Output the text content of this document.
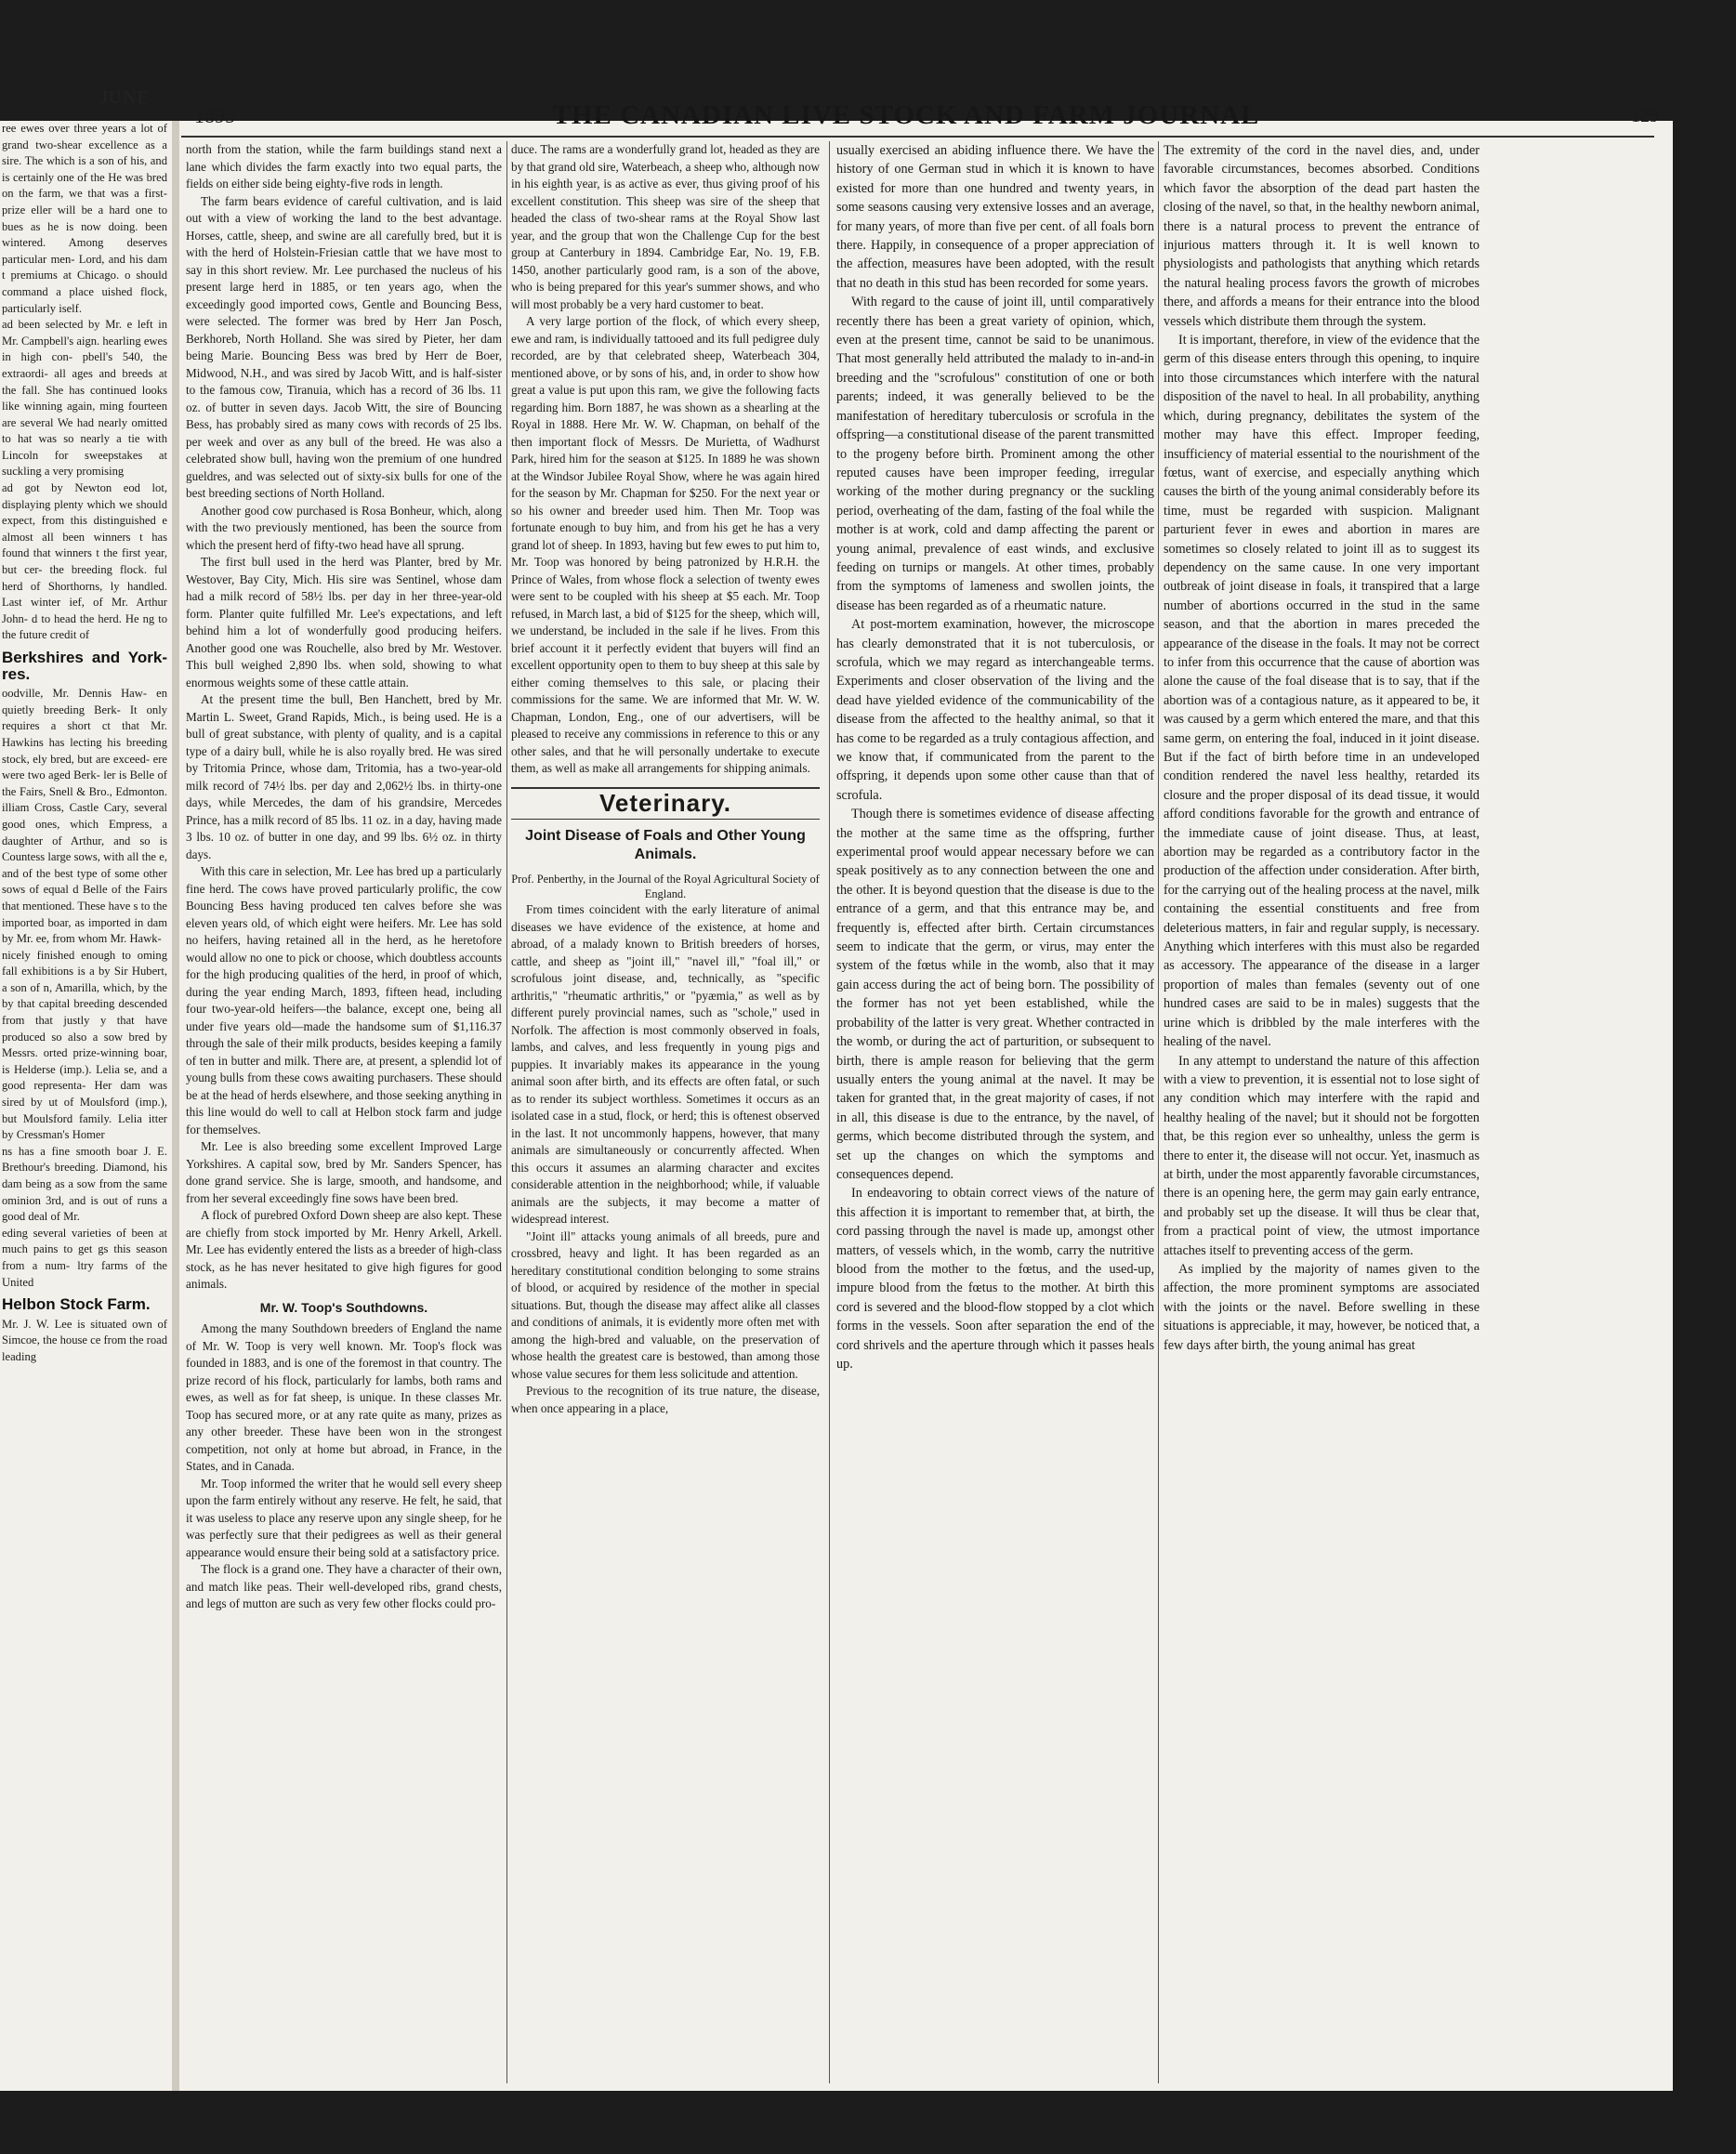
JUNE

ree ewes over three years a lot of grand two-shear excellence as a sire. The which is a son of his, and is certainly one of the He was bred on the farm, we that was a first-prize eller will be a hard one to bues as he is now doing. been wintered. Among deserves particular men- Lord, and his dam t premiums at Chicago. o should command a place uished flock, particularly iself.

ad been selected by Mr. e left in Mr. Campbell's aign. hearling ewes in high con- pbell's 540, the extraordi- all ages and breeds at the fall. She has continued looks like winning again, ming fourteen are several We had nearly omitted to hat was so nearly a tie with Lincoln for sweepstakes at suckling a very promising

ad got by Newton eod lot, displaying plenty which we should expect, from this distinguished e almost all been winners t has found that winners t the first year, but cer- the breeding flock. ful herd of Shorthorns, ly handled. Last winter ief, of Mr. Arthur John- d to head the herd. He ng to the future credit of

Berkshires and York- res.

oodville, Mr. Dennis Haw- en quietly breeding Berk- It only requires a short ct that Mr. Hawkins has lecting his breeding stock, ely bred, but are exceed- ere were two aged Berk- ler is Belle of the Fairs, Snell & Bro., Edmonton. illiam Cross, Castle Cary, several good ones, which Empress, a daughter of Arthur, and so is Countess large sows, with all the e, and of the best type of some other sows of equal d Belle of the Fairs that mentioned. These have s to the imported boar, as imported in dam by Mr. ee, from whom Mr. Hawk-

nicely finished enough to oming fall exhibitions is a by Sir Hubert, a son of n, Amarilla, which, by the by that capital breeding descended from that justly y that have produced so also a sow bred by Messrs. orted prize-winning boar, is Helderse (imp.). Lelia se, and a good representa- Her dam was sired by ut of Moulsford (imp.), but Moulsford family. Lelia itter by Cressman's Homer

ns has a fine smooth boar J. E. Brethour's breeding. Diamond, his dam being as a sow from the same ominion 3rd, and is out of runs a good deal of Mr.

eding several varieties of been at much pains to get gs this season from a num- ltry farms of the United

Helbon Stock Farm.

Mr. J. W. Lee is situated own of Simcoe, the house ce from the road leading

1895	THE CANADIAN LIVE STOCK AND FARM JOURNAL	129

north from the station, while the farm buildings stand next a lane which divides the farm exactly into two equal parts, the fields on either side being eighty-five rods in length.

The farm bears evidence of careful cultivation, and is laid out with a view of working the land to the best advantage. Horses, cattle, sheep, and swine are all carefully bred, but it is with the herd of Holstein-Friesian cattle that we have most to say in this short review. Mr. Lee purchased the nucleus of his present large herd in 1885, or ten years ago, when the exceedingly good imported cows, Gentle and Bouncing Bess, were selected. The former was bred by Herr Jan Posch, Berkhoreb, North Holland. She was sired by Pieter, her dam being Marie. Bouncing Bess was bred by Herr de Boer, Midwood, N.H., and was sired by Jacob Witt, and is half-sister to the famous cow, Tiranuia, which has a record of 36 lbs. 11 oz. of butter in seven days. Jacob Witt, the sire of Bouncing Bess, has probably sired as many cows with records of 25 lbs. per week and over as any bull of the breed. He was also a celebrated show bull, having won the premium of one hundred gueldres, and was selected out of sixty-six bulls for one of the best breeding sections of North Holland.

Another good cow purchased is Rosa Bonheur, which, along with the two previously mentioned, has been the source from which the present herd of fifty-two head have all sprung.

The first bull used in the herd was Planter, bred by Mr. Westover, Bay City, Mich. His sire was Sentinel, whose dam had a milk record of 58½ lbs. per day in her three-year-old form. Planter quite fulfilled Mr. Lee's expectations, and left behind him a lot of wonderfully good producing heifers. Another good one was Rouchelle, also bred by Mr. Westover. This bull weighed 2,890 lbs. when sold, showing to what enormous weights some of these cattle attain.

At the present time the bull, Ben Hanchett, bred by Mr. Martin L. Sweet, Grand Rapids, Mich., is being used. He is a bull of great substance, with plenty of quality, and is a capital type of a dairy bull, while he is also royally bred. He was sired by Tritomia Prince, whose dam, Tritomia, has a two-year-old milk record of 74½ lbs. per day and 2,062½ lbs. in thirty-one days, while Mercedes, the dam of his grandsire, Mercedes Prince, has a milk record of 85 lbs. 11 oz. in a day, having made 3 lbs. 10 oz. of butter in one day, and 99 lbs. 6½ oz. in thirty days.

With this care in selection, Mr. Lee has bred up a particularly fine herd. The cows have proved particularly prolific, the cow Bouncing Bess having produced ten calves before she was eleven years old, of which eight were heifers. Mr. Lee has sold no heifers, having retained all in the herd, as he heretofore would allow no one to pick or choose, which doubtless accounts for the high producing qualities of the herd, in proof of which, during the year ending March, 1893, fifteen head, including four two-year-old heifers—the balance, except one, being all under five years old—made the handsome sum of $1,116.37 through the sale of their milk products, besides keeping a family of ten in butter and milk. There are, at present, a splendid lot of young bulls from these cows awaiting purchasers. These should be at the head of herds elsewhere, and those seeking anything in this line would do well to call at Helbon stock farm and judge for themselves.

Mr. Lee is also breeding some excellent Improved Large Yorkshires. A capital sow, bred by Mr. Sanders Spencer, has done grand service. She is large, smooth, and handsome, and from her several exceedingly fine sows have been bred.

A flock of purebred Oxford Down sheep are also kept. These are chiefly from stock imported by Mr. Henry Arkell, Arkell. Mr. Lee has evidently entered the lists as a breeder of high-class stock, as he has never hesitated to give high figures for good animals.

Mr. W. Toop's Southdowns.

Among the many Southdown breeders of England the name of Mr. W. Toop is very well known. Mr. Toop's flock was founded in 1883, and is one of the foremost in that country. The prize record of his flock, particularly for lambs, both rams and ewes, as well as for fat sheep, is unique. In these classes Mr. Toop has secured more, or at any rate quite as many, prizes as any other breeder. These have been won in the strongest competition, not only at home but abroad, in France, in the States, and in Canada.

Mr. Toop informed the writer that he would sell every sheep upon the farm entirely without any reserve. He felt, he said, that it was useless to place any reserve upon any single sheep, for he was perfectly sure that their pedigrees as well as their general appearance would ensure their being sold at a satisfactory price.

The flock is a grand one. They have a character of their own, and match like peas. Their well-developed ribs, grand chests, and legs of mutton are such as very few other flocks could pro-

duce. The rams are a wonderfully grand lot, headed as they are by that grand old sire, Waterbeach, a sheep who, although now in his eighth year, is as active as ever, thus giving proof of his excellent constitution. This sheep was sire of the sheep that headed the class of two-shear rams at the Royal Show last year, and the group that won the Challenge Cup for the best group at Canterbury in 1894. Cambridge Ear, No. 19, F.B. 1450, another particularly good ram, is a son of the above, who is being prepared for this year's summer shows, and who will most probably be a very hard customer to beat.

A very large portion of the flock, of which every sheep, ewe and ram, is individually tattooed and its full pedigree duly recorded, are by that celebrated sheep, Waterbeach 304, mentioned above, or by sons of his, and, in order to show how great a value is put upon this ram, we give the following facts regarding him. Born 1887, he was shown as a shearling at the Royal in 1888. Here Mr. W. W. Chapman, on behalf of the then important flock of Messrs. De Murietta, of Wadhurst Park, hired him for the season at $125. In 1889 he was shown at the Windsor Jubilee Royal Show, where he was again hired for the season by Mr. Chapman for $250. For the next year or so his owner and breeder used him. Then Mr. Toop was fortunate enough to buy him, and from his get he has a very grand lot of sheep. In 1893, having but few ewes to put him to, Mr. Toop was honored by being patronized by H.R.H. the Prince of Wales, from whose flock a selection of twenty ewes were sent to be coupled with his sheep at $5 each. Mr. Toop refused, in March last, a bid of $125 for the sheep, which will, we understand, be included in the sale if he lives. From this brief account it it perfectly evident that buyers will find an excellent opportunity open to them to buy sheep at this sale by either coming themselves to this sale, or placing their commissions for the same. We are informed that Mr. W. W. Chapman, London, Eng., one of our advertisers, will be pleased to receive any commissions in reference to this or any other sales, and that he will personally undertake to execute them, as well as make all arrangements for shipping animals.

Veterinary.
Joint Disease of Foals and Other Young Animals.

Prof. Penberthy, in the Journal of the Royal Agricultural Society of England.

From times coincident with the early literature of animal diseases we have evidence of the existence, at home and abroad, of a malady known to British breeders of horses, cattle, and sheep as "joint ill," "navel ill," "foal ill," or scrofulous joint disease, and, technically, as "specific arthritis," "rheumatic arthritis," or "pyæmia," as well as by different purely provincial names, such as "schole," used in Norfolk. The affection is most commonly observed in foals, lambs, and calves, and less frequently in young pigs and puppies. It invariably makes its appearance in the young animal soon after birth, and its effects are often fatal, or such as to render its subject worthless. Sometimes it occurs as an isolated case in a stud, flock, or herd; this is oftenest observed in the last. It not uncommonly happens, however, that many animals are simultaneously or concurrently affected. When this occurs it assumes an alarming character and excites considerable attention in the neighborhood; while, if valuable animals are the subjects, it may become a matter of widespread interest.

"Joint ill" attacks young animals of all breeds, pure and crossbred, heavy and light. It has been regarded as an hereditary constitutional condition belonging to some strains of blood, or acquired by residence of the mother in special situations. But, though the disease may affect alike all classes and conditions of animals, it is evidently more often met with among the high-bred and valuable, on the preservation of whose health the greatest care is bestowed, than among those whose value secures for them less solicitude and attention.

Previous to the recognition of its true nature, the disease, when once appearing in a place,

usually exercised an abiding influence there. We have the history of one German stud in which it is known to have existed for more than one hundred and twenty years, in some seasons causing very extensive losses and an average, for many years, of more than five per cent. of all foals born there. Happily, in consequence of a proper appreciation of the affection, measures have been adopted, with the result that no death in this stud has been recorded for some years.

With regard to the cause of joint ill, until comparatively recently there has been a great variety of opinion, which, even at the present time, cannot be said to be unanimous. That most generally held attributed the malady to in-and-in breeding and the "scrofulous" constitution of one or both parents; indeed, it was generally believed to be the manifestation of hereditary tuberculosis or scrofula in the offspring—a constitutional disease of the parent transmitted to the progeny before birth. Prominent among the other reputed causes have been improper feeding, irregular working of the mother during pregnancy or the suckling period, overheating of the dam, fasting of the foal while the mother is at work, cold and damp affecting the parent or young animal, prevalence of east winds, and exclusive feeding on turnips or mangels. At other times, probably from the symptoms of lameness and swollen joints, the disease has been regarded as of a rheumatic nature.

At post-mortem examination, however, the microscope has clearly demonstrated that it is not tuberculosis, or scrofula, which we may regard as interchangeable terms. Experiments and closer observation of the living and the dead have yielded evidence of the communicability of the disease from the affected to the healthy animal, so that it has come to be regarded as a truly contagious affection, and we know that, if communicated from the parent to the offspring, it depends upon some other cause than that of scrofula.

Though there is sometimes evidence of disease affecting the mother at the same time as the offspring, further experimental proof would appear necessary before we can speak positively as to any connection between the one and the other. It is beyond question that the disease is due to the entrance of a germ, and that this entrance may be, and frequently is, effected after birth. Certain circumstances seem to indicate that the germ, or virus, may enter the system of the fœtus while in the womb, also that it may gain access during the act of being born. The possibility of the former has not yet been established, while the probability of the latter is very great. Whether contracted in the womb, or during the act of parturition, or subsequent to birth, there is ample reason for believing that the germ usually enters the young animal at the navel. It may be taken for granted that, in the great majority of cases, if not in all, this disease is due to the entrance, by the navel, of germs, which become distributed through the system, and set up the changes on which the symptoms and consequences depend.

In endeavoring to obtain correct views of the nature of this affection it is important to remember that, at birth, the cord passing through the navel is made up, amongst other matters, of vessels which, in the womb, carry the nutritive blood from the mother to the fœtus, and the used-up, impure blood from the fœtus to the mother. At birth this cord is severed and the blood-flow stopped by a clot which forms in the vessels. Soon after separation the end of the cord shrivels and the aperture through which it passes heals up.

The extremity of the cord in the navel dies, and, under favorable circumstances, becomes absorbed. Conditions which favor the absorption of the dead part hasten the closing of the navel, so that, in the healthy newborn animal, there is a natural process to prevent the entrance of injurious matters through it. It is well known to physiologists and pathologists that anything which retards the natural healing process favors the growth of microbes there, and affords a means for their entrance into the blood vessels which distribute them through the system.

It is important, therefore, in view of the evidence that the germ of this disease enters through this opening, to inquire into those circumstances which interfere with the natural disposition of the navel to heal. In all probability, anything which, during pregnancy, debilitates the system of the mother may have this effect. Improper feeding, insufficiency of material essential to the nourishment of the fœtus, want of exercise, and especially anything which causes the birth of the young animal considerably before its time, must be regarded with suspicion. Malignant parturient fever in ewes and abortion in mares are sometimes so closely related to joint ill as to suggest its dependency on the same cause. In one very important outbreak of joint disease in foals, it transpired that a large number of abortions occurred in the stud in the same season, and that the abortion in mares preceded the appearance of the disease in the foals. It may not be correct to infer from this occurrence that the cause of abortion was alone the cause of the foal disease that is to say, that if the abortion was of a contagious nature, as it appeared to be, it was caused by a germ which entered the mare, and that this same germ, on entering the foal, induced in it joint disease. But if the fact of birth before time in an undeveloped condition rendered the navel less healthy, retarded its closure and the proper disposal of its dead tissue, it would afford conditions favorable for the growth and entrance of the immediate cause of joint disease. Thus, at least, abortion may be regarded as a contributory factor in the production of the affection under consideration. After birth, for the carrying out of the healing process at the navel, milk containing the essential constituents and free from deleterious matters, in fair and regular supply, is necessary. Anything which interferes with this must also be regarded as accessory. The appearance of the disease in a larger proportion of males than females (seventy out of one hundred cases are said to be in males) suggests that the urine which is dribbled by the male interferes with the healing of the navel.

In any attempt to understand the nature of this affection with a view to prevention, it is essential not to lose sight of any condition which may interfere with the rapid and healthy healing of the navel; but it should not be forgotten that, be this region ever so unhealthy, unless the germ is there to enter it, the disease will not occur. Yet, inasmuch as at birth, under the most apparently favorable circumstances, there is an opening here, the germ may gain early entrance, and probably set up the disease. It will thus be clear that, from a practical point of view, the utmost importance attaches itself to preventing access of the germ.

As implied by the majority of names given to the affection, the more prominent symptoms are associated with the joints or the navel. Before swelling in these situations is appreciable, it may, however, be noticed that, a few days after birth, the young animal has great
